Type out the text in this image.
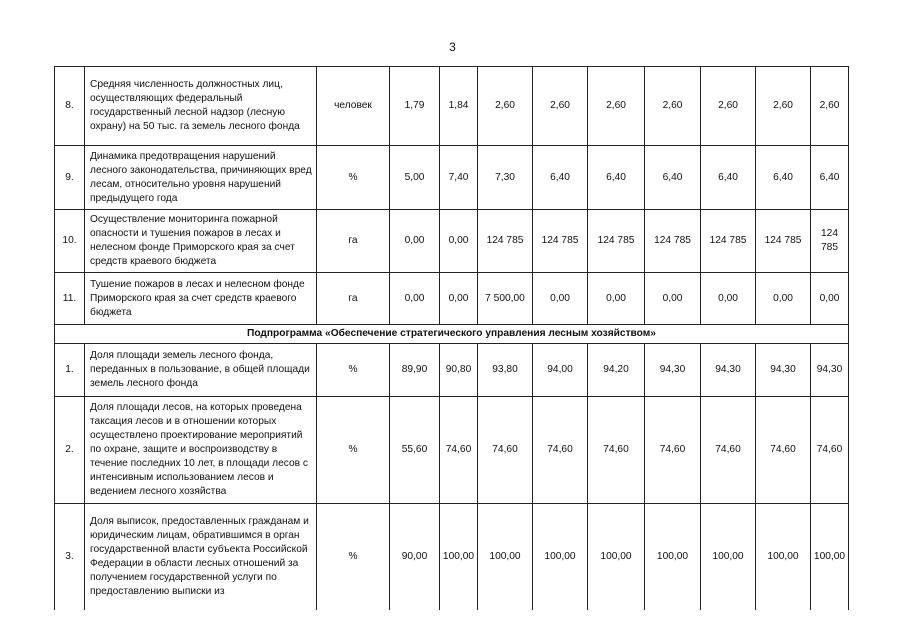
3
8.	Средняя численность должностных лиц, осуществляющих федеральный государственный лесной надзор (лесную охрану) на 50 тыс. га земель лесного фонда	человек	1,79	1,84	2,60	2,60	2,60	2,60	2,60	2,60	2,60
9.	Динамика предотвращения нарушений лесного законодательства, причиняющих вред лесам, относительно уровня нарушений предыдущего года	%	5,00	7,40	7,30	6,40	6,40	6,40	6,40	6,40	6,40
10.	Осуществление мониторинга пожарной опасности и тушения пожаров в лесах и нелесном фонде Приморского края за счет средств краевого бюджета	га	0,00	0,00	124 785	124 785	124 785	124 785	124 785	124 785	124 785
11.	Тушение пожаров в лесах и нелесном фонде Приморского края за счет средств краевого бюджета	га	0,00	0,00	7 500,00	0,00	0,00	0,00	0,00	0,00	0,00
Подпрограмма «Обеспечение стратегического управления лесным хозяйством»											
1.	Доля площади земель лесного фонда, переданных в пользование, в общей площади земель лесного фонда	%	89,90	90,80	93,80	94,00	94,20	94,30	94,30	94,30	94,30
2.	Доля площади лесов, на которых проведена таксация лесов и в отношении которых осуществлено проектирование мероприятий по охране, защите и воспроизводству в течение последних 10 лет, в площади лесов с интенсивным использованием лесов и ведением лесного хозяйства	%	55,60	74,60	74,60	74,60	74,60	74,60	74,60	74,60	74,60
3.	Доля выписок, предоставленных гражданам и юридическим лицам, обратившимся в орган государственной власти субъекта Российской Федерации в области лесных отношений за получением государственной услуги по предоставлению выписки из	%	90,00	100,00	100,00	100,00	100,00	100,00	100,00	100,00	100,00
